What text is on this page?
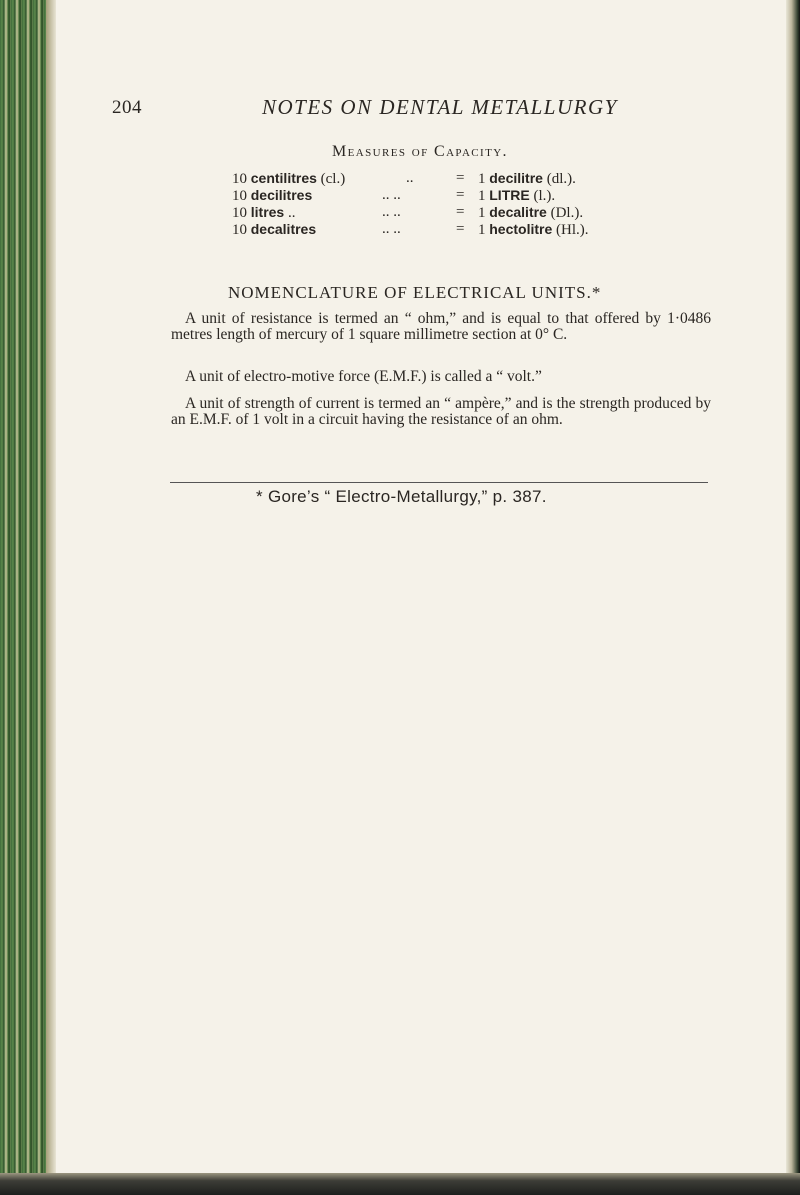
204	NOTES ON DENTAL METALLURGY
Measures of Capacity.
10 centilitres (cl.)	..	= 1 decilitre (dl.).
10 decilitres	.. ..	= 1 LITRE (l.).
10 litres ..	.. ..	= 1 decalitre (Dl.).
10 decalitres	.. ..	= 1 hectolitre (Hl.).
NOMENCLATURE OF ELECTRICAL UNITS.*
A unit of resistance is termed an “ ohm,” and is equal to that offered by 1·0486 metres length of mercury of 1 square millimetre section at 0° C.
A unit of electro-motive force (E.M.F.) is called a “ volt.”
A unit of strength of current is termed an “ ampère,” and is the strength produced by an E.M.F. of 1 volt in a circuit having the resistance of an ohm.
* Gore’s “ Electro-Metallurgy,” p. 387.
